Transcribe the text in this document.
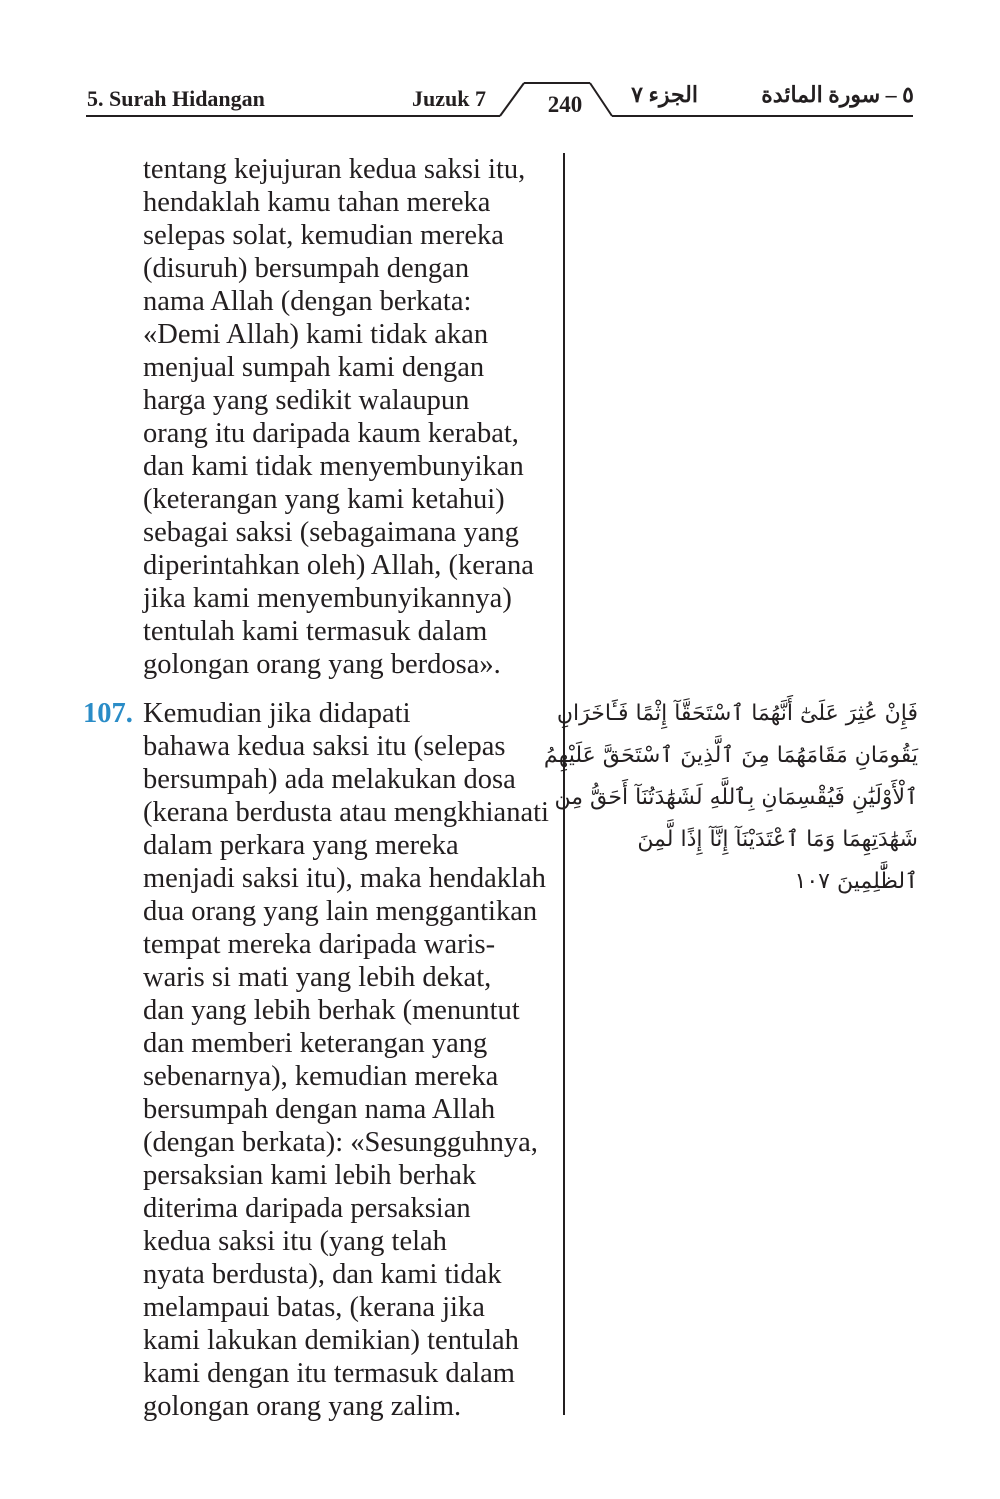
5. Surah Hidangan	Juzuk 7	240	الجزء ٧	٥ – سورة المائدة
tentang kejujuran kedua saksi itu,
hendaklah kamu tahan mereka
selepas solat, kemudian mereka
(disuruh) bersumpah dengan
nama Allah (dengan berkata:
«Demi Allah) kami tidak akan
menjual sumpah kami dengan
harga yang sedikit walaupun
orang itu daripada kaum kerabat,
dan kami tidak menyembunyikan
(keterangan yang kami ketahui)
sebagai saksi (sebagaimana yang
diperintahkan oleh) Allah, (kerana
jika kami menyembunyikannya)
tentulah kami termasuk dalam
golongan orang yang berdosa».
107. Kemudian jika didapati
bahawa kedua saksi itu (selepas
bersumpah) ada melakukan dosa
(kerana berdusta atau mengkhianati
dalam perkara yang mereka
menjadi saksi itu), maka hendaklah
dua orang yang lain menggantikan
tempat mereka daripada waris-
waris si mati yang lebih dekat,
dan yang lebih berhak (menuntut
dan memberi keterangan yang
sebenarnya), kemudian mereka
bersumpah dengan nama Allah
(dengan berkata): «Sesungguhnya,
persaksian kami lebih berhak
diterima daripada persaksian
kedua saksi itu (yang telah
nyata berdusta), dan kami tidak
melampaui batas, (kerana jika
kami lakukan demikian) tentulah
kami dengan itu termasuk dalam
golongan orang yang zalim.
فَإِنْ عُثِرَ عَلَىٰٓ أَنَّهُمَا ٱسْتَحَقَّآ إِثْمًا فَـَٔاخَرَانِ
يَقُومَانِ مَقَامَهُمَا مِنَ ٱلَّذِينَ ٱسْتَحَقَّ عَلَيْهِمُ
ٱلْأَوْلَيَٰنِ فَيُقْسِمَانِ بِٱللَّهِ لَشَهَٰدَتُنَآ أَحَقُّ مِن
شَهَٰدَتِهِمَا وَمَا ٱعْتَدَيْنَآ إِنَّآ إِذًا لَّمِنَ
ٱلظَّٰلِمِينَ ١٠٧
